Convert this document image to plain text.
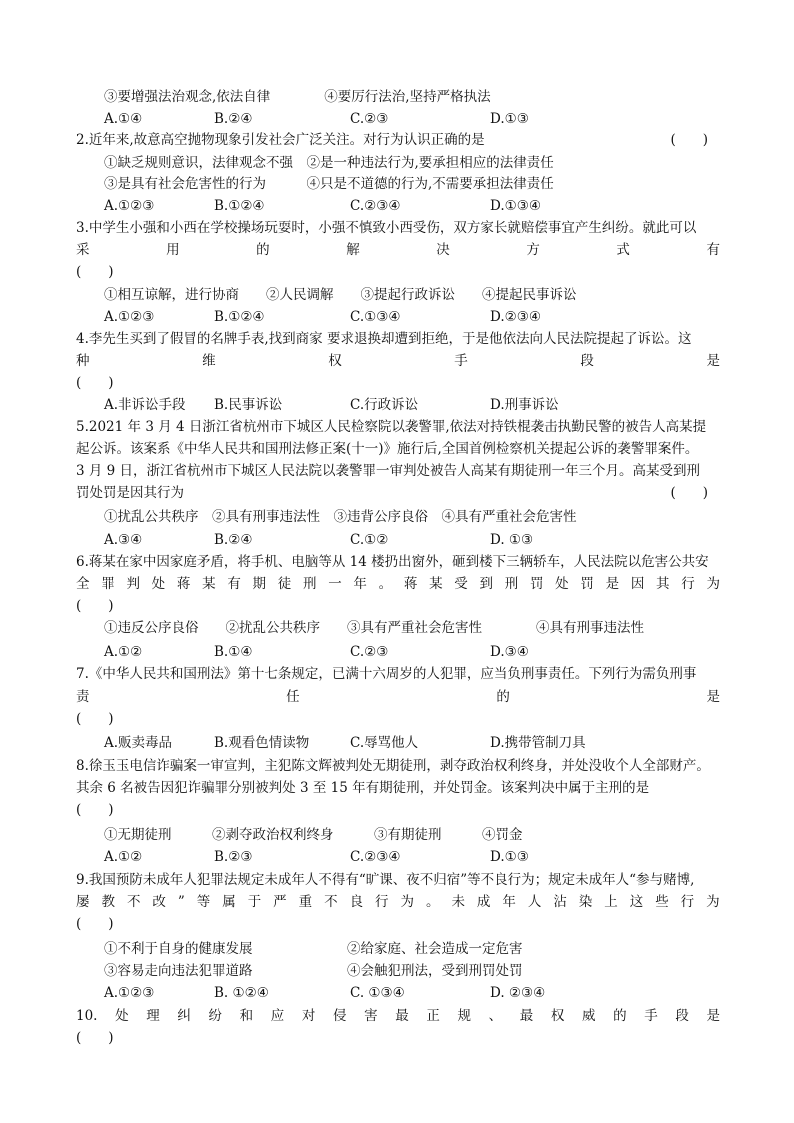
③要增强法治观念,依法自律　　　　④要厉行法治,坚持严格执法
A.①④	B.②④	C.②③	D.①③
2.近年来,故意高空抛物现象引发社会广泛关注。对行为认识正确的是	(　　)
①缺乏规则意识，法律观念不强　②是一种违法行为,要承担相应的法律责任
③是具有社会危害性的行为　　　④只是不道德的行为,不需要承担法律责任
A.①②③	B.①②④	C.②③④	D.①③④
3.中学生小强和小西在学校操场玩耍时，小强不慎致小西受伤，双方家长就赔偿事宜产生纠纷。就此可以
采	用	的	解	决	方	式	有
(　　)
①相互谅解，进行协商　　②人民调解　　③提起行政诉讼　　④提起民事诉讼
A.①②③	B.①②④	C.①③④	D.②③④
4.李先生买到了假冒的名牌手表,找到商家 要求退换却遭到拒绝，于是他依法向人民法院提起了诉讼。这
种	维	权	手	段	是
(　　)
A.非诉讼手段 B.民事诉讼	C.行政诉讼	D.刑事诉讼
5.2021 年 3 月 4 日浙江省杭州市下城区人民检察院以袭警罪,依法对持铁棍袭击执勤民警的被告人高某提
起公诉。该案系《中华人民共和国刑法修正案(十一)》施行后,全国首例检察机关提起公诉的袭警罪案件。
3 月 9 日，浙江省杭州市下城区人民法院以袭警罪一审判处被告人高某有期徒刑一年三个月。高某受到刑
罚处罚是因其行为	(　　)
①扰乱公共秩序　②具有刑事违法性　③违背公序良俗　④具有严重社会危害性
A.③④	B.②④	C.①②	D. ①③
6.蒋某在家中因家庭矛盾，将手机、电脑等从 14 楼扔出窗外，砸到楼下三辆轿车，人民法院以危害公共安
全 罪 判 处 蒋 某 有 期 徒 刑 一 年 。 蒋 某 受 到 刑 罚 处 罚 是 因 其 行 为
(　　)
①违反公序良俗　　②扰乱公共秩序　　③具有严重社会危害性　　　　④具有刑事违法性
A.①②	B.①④	C.②③	D.③④
7.《中华人民共和国刑法》第十七条规定，已满十六周岁的人犯罪，应当负刑事责任。下列行为需负刑事
责	任	的	是
(　　)
A.贩卖毒品	B.观看色情读物	C.辱骂他人	D.携带管制刀具
8.徐玉玉电信诈骗案一审宣判，主犯陈文辉被判处无期徒刑，剥夺政治权利终身，并处没收个人全部财产。
其余 6 名被告因犯诈骗罪分别被判处 3 至 15 年有期徒刑，并处罚金。该案判决中属于主刑的是
(　　)
①无期徒刑　　　②剥夺政治权利终身　　　③有期徒刑　　　④罚金
A.①②	B.②③	C.②③④	D.①③
9.我国预防未成年人犯罪法规定未成年人不得有“旷课、夜不归宿”等不良行为；规定未成年人“参与赌博,
屡 教 不 改 ” 等 属 于 严 重 不 良 行 为 。 未 成 年 人 沾 染 上 这 些 行 为
(　　)
①不利于自身的健康发展　　　　　　　②给家庭、社会造成一定危害
③容易走向违法犯罪道路　　　　　　　④会触犯刑法，受到刑罚处罚
A.①②③	B. ①②④	C. ①③④	D. ②③④
10. 处 理 纠 纷 和 应 对 侵 害 最 正 规 、 最 权 威 的 手 段 是
(　　)
